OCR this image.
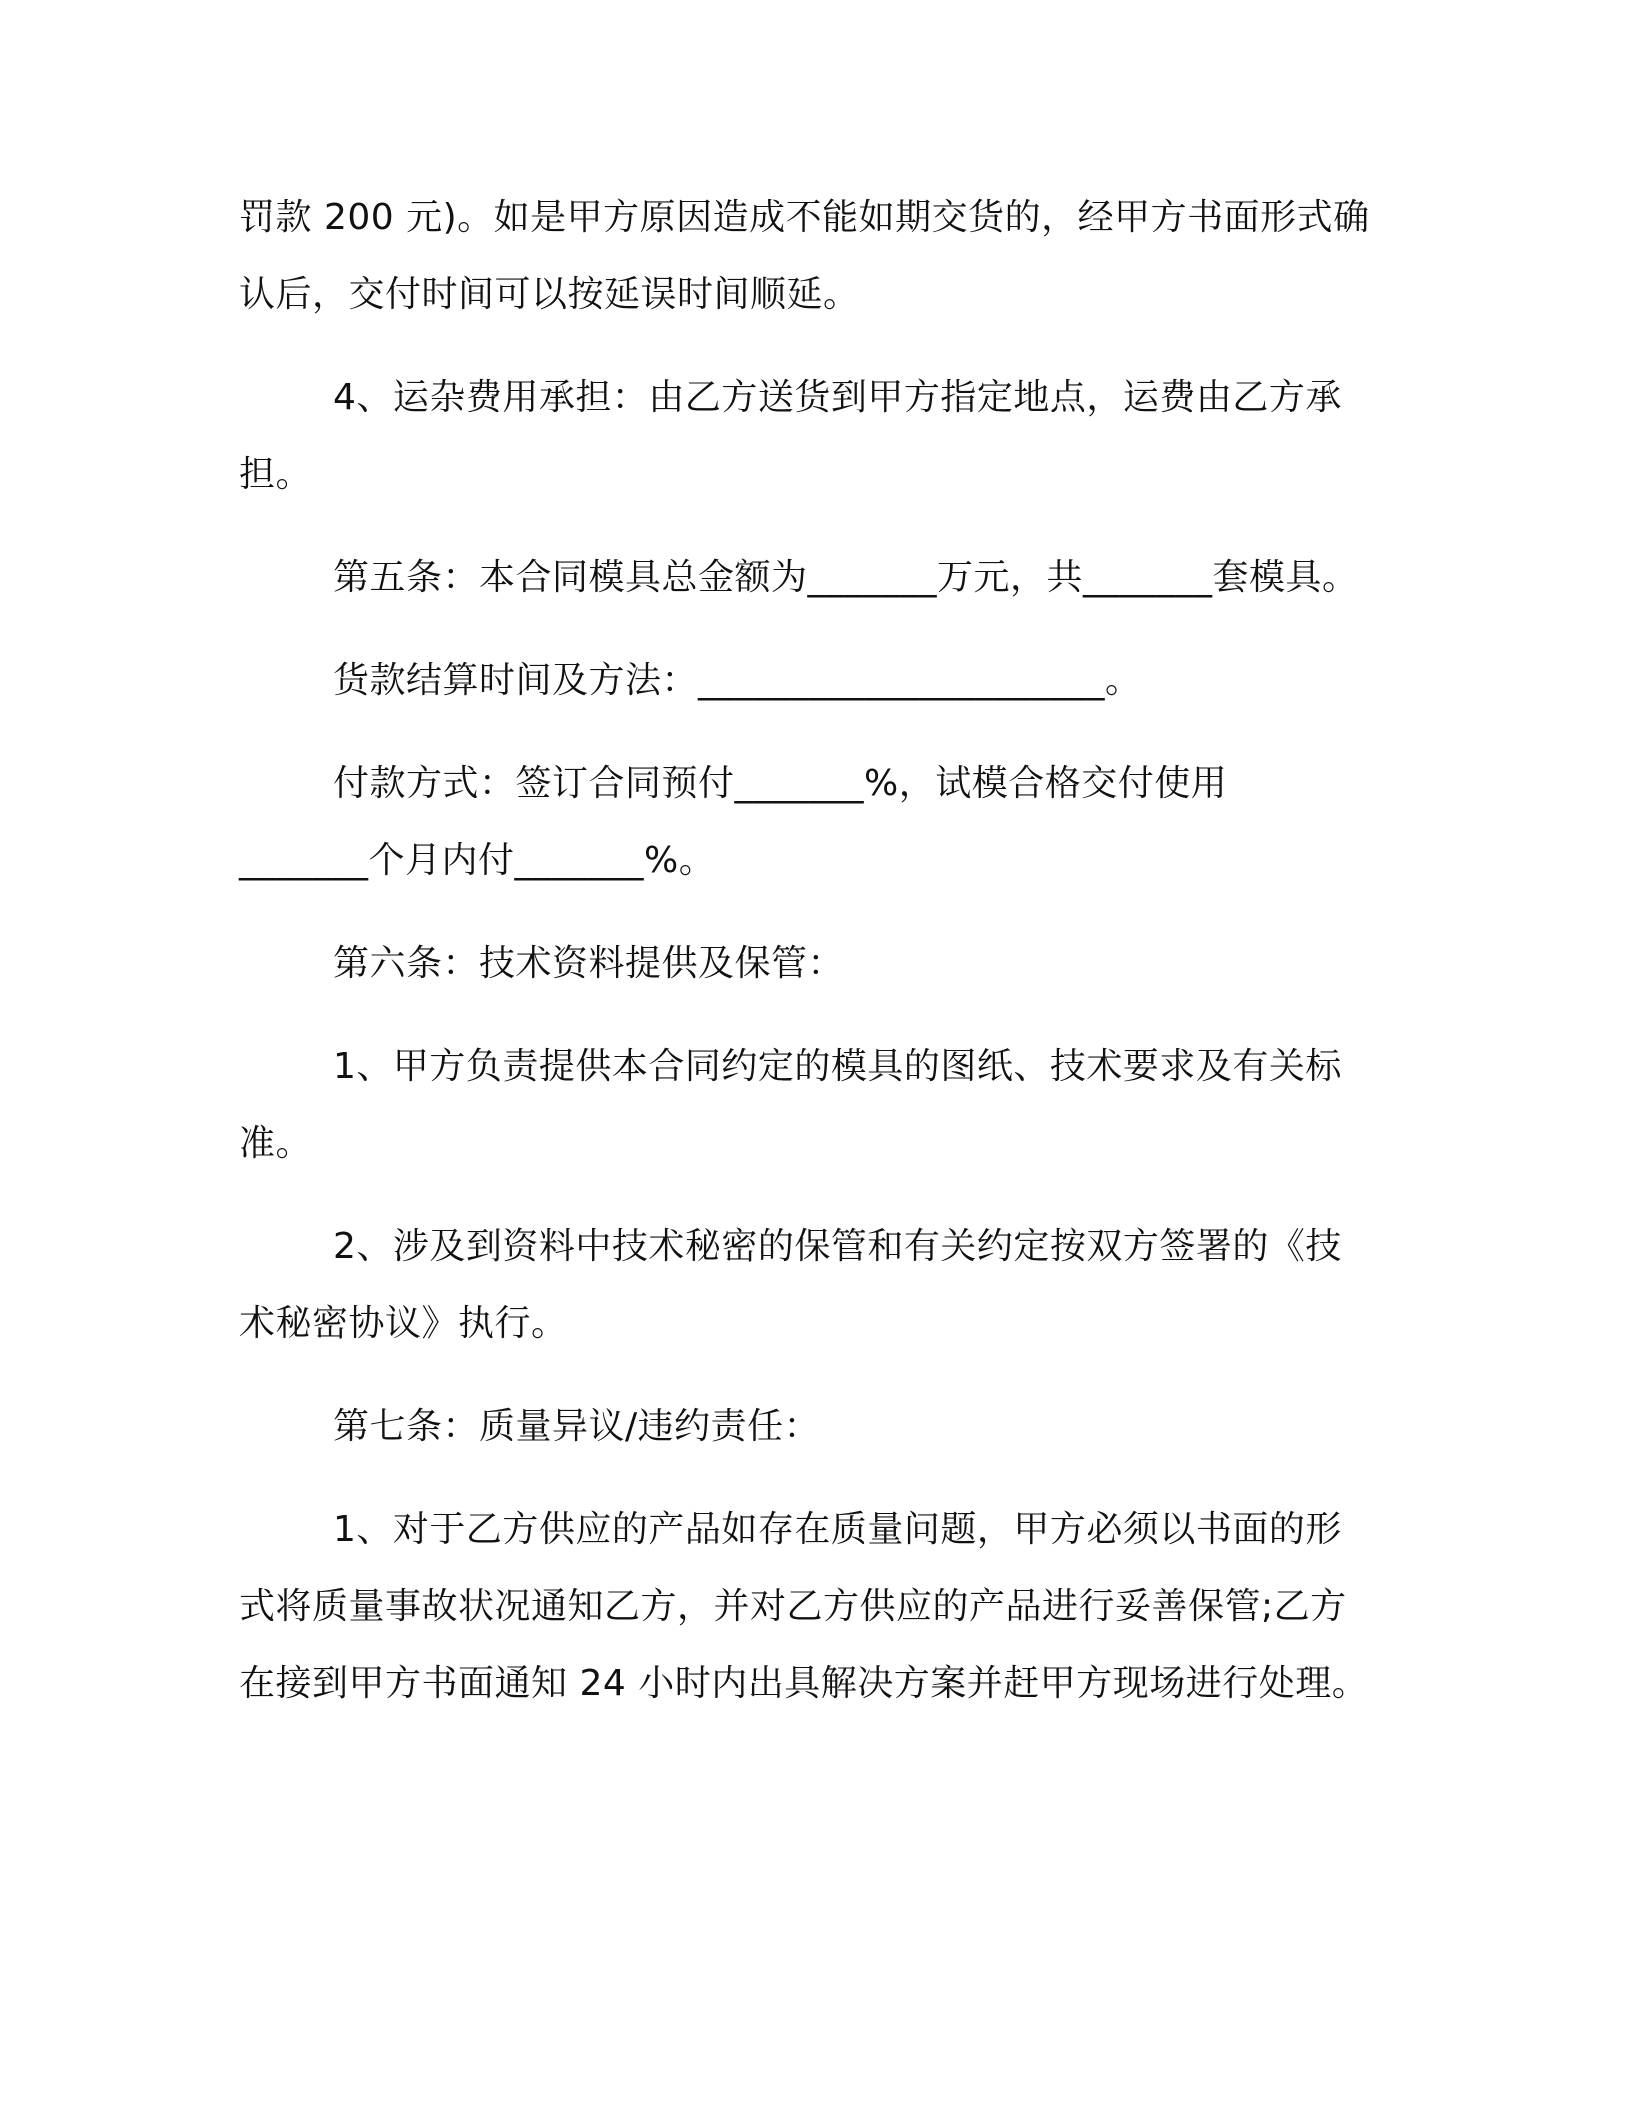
罚款 200 元)。如是甲方原因造成不能如期交货的，经甲方书面形式确
认后，交付时间可以按延误时间顺延。
4、运杂费用承担：由乙方送货到甲方指定地点，运费由乙方承
担。
第五条：本合同模具总金额为_______万元，共_______套模具。
货款结算时间及方法：______________________。
付款方式：签订合同预付_______%，试模合格交付使用
_______个月内付_______%。
第六条：技术资料提供及保管：
1、甲方负责提供本合同约定的模具的图纸、技术要求及有关标
准。
2、涉及到资料中技术秘密的保管和有关约定按双方签署的《技
术秘密协议》执行。
第七条：质量异议/违约责任：
1、对于乙方供应的产品如存在质量问题，甲方必须以书面的形
式将质量事故状况通知乙方，并对乙方供应的产品进行妥善保管;乙方
在接到甲方书面通知 24 小时内出具解决方案并赶甲方现场进行处理。
